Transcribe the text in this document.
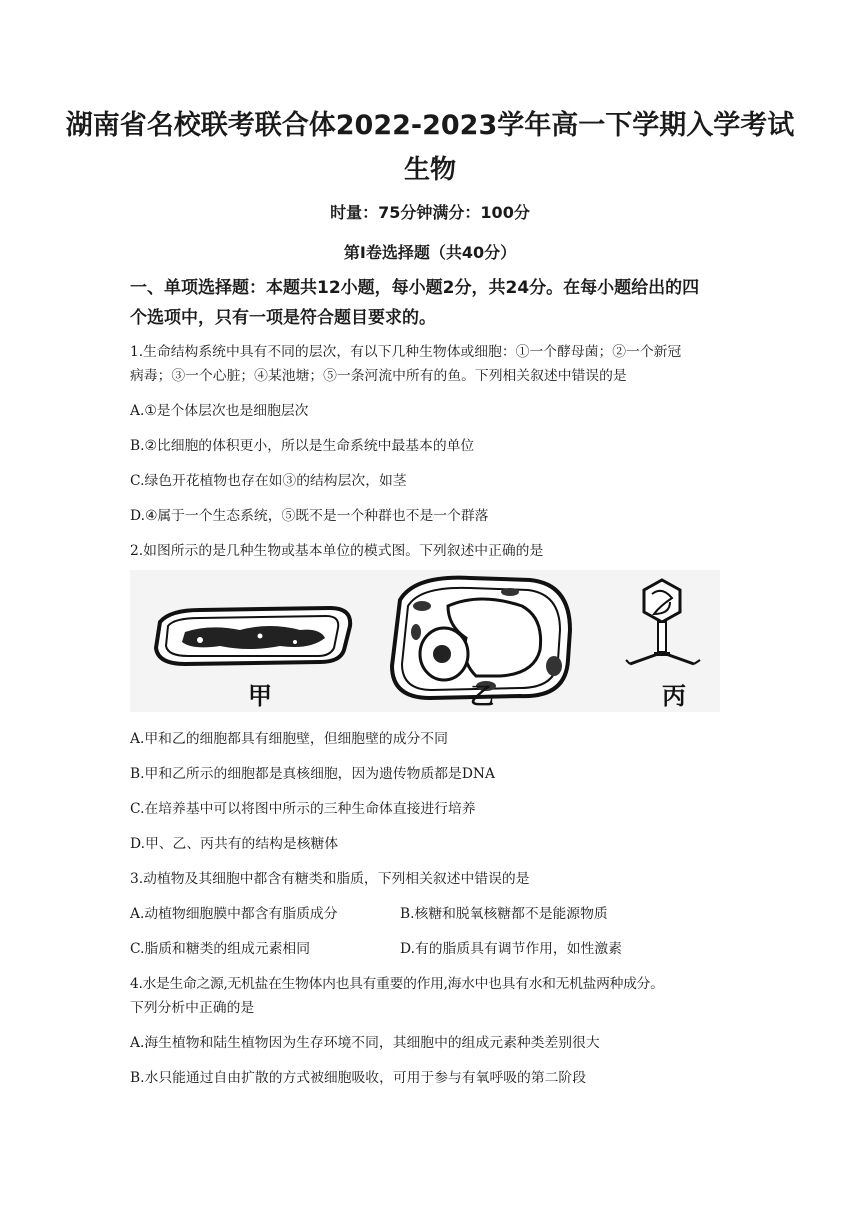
湖南省名校联考联合体2022-2023学年高一下学期入学考试
生物
时量：75分钟满分：100分
第Ⅰ卷选择题（共40分）
一、单项选择题：本题共12小题，每小题2分，共24分。在每小题给出的四
个选项中，只有一项是符合题目要求的。
1.生命结构系统中具有不同的层次，有以下几种生物体或细胞：①一个酵母菌；②一个新冠
病毒；③一个心脏；④某池塘；⑤一条河流中所有的鱼。下列相关叙述中错误的是
A.①是个体层次也是细胞层次
B.②比细胞的体积更小，所以是生命系统中最基本的单位
C.绿色开花植物也存在如③的结构层次，如茎
D.④属于一个生态系统，⑤既不是一个种群也不是一个群落
2.如图所示的是几种生物或基本单位的模式图。下列叙述中正确的是
甲	乙	丙
A.甲和乙的细胞都具有细胞壁，但细胞壁的成分不同
B.甲和乙所示的细胞都是真核细胞，因为遗传物质都是DNA
C.在培养基中可以将图中所示的三种生命体直接进行培养
D.甲、乙、丙共有的结构是核糖体
3.动植物及其细胞中都含有糖类和脂质，下列相关叙述中错误的是
A.动植物细胞膜中都含有脂质成分	B.核糖和脱氧核糖都不是能源物质
C.脂质和糖类的组成元素相同	D.有的脂质具有调节作用，如性激素
4.水是生命之源,无机盐在生物体内也具有重要的作用,海水中也具有水和无机盐两种成分。
下列分析中正确的是
A.海生植物和陆生植物因为生存环境不同，其细胞中的组成元素种类差别很大
B.水只能通过自由扩散的方式被细胞吸收，可用于参与有氧呼吸的第二阶段
